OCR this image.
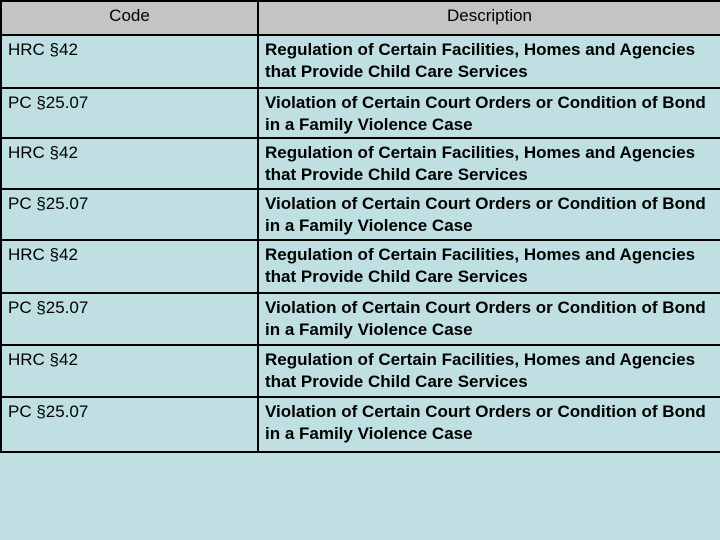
Code	Description
HRC §42	Regulation of Certain Facilities, Homes and Agencies that Provide Child Care Services
PC §25.07	Violation of Certain Court Orders or Condition of Bond in a Family Violence Case
HRC §42	Regulation of Certain Facilities, Homes and Agencies that Provide Child Care Services
PC §25.07	Violation of Certain Court Orders or Condition of Bond in a Family Violence Case
HRC §42	Regulation of Certain Facilities, Homes and Agencies that Provide Child Care Services
PC §25.07	Violation of Certain Court Orders or Condition of Bond in a Family Violence Case
HRC §42	Regulation of Certain Facilities, Homes and Agencies that Provide Child Care Services
PC §25.07	Violation of Certain Court Orders or Condition of Bond in a Family Violence Case
